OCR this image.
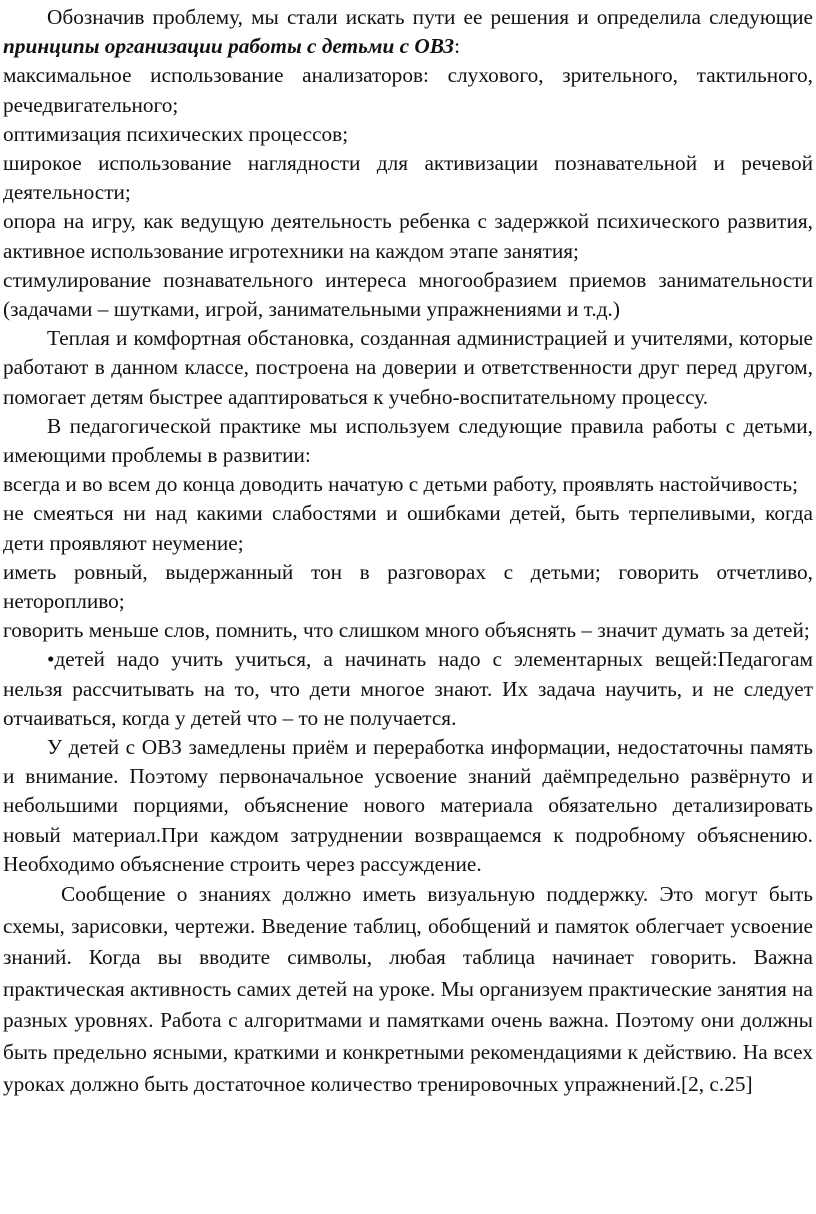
Обозначив проблему, мы стали искать пути ее решения и определила следующие принципы организации работы с детьми с ОВЗ:

максимальное использование анализаторов: слухового, зрительного, тактильного, речедвигательного;

оптимизация психических процессов;

широкое использование наглядности для активизации познавательной и речевой деятельности;

опора на игру, как ведущую деятельность ребенка с задержкой психического развития, активное использование игротехники на каждом этапе занятия;

стимулирование познавательного интереса многообразием приемов занимательности (задачами – шутками, игрой, занимательными упражнениями и т.д.)

Теплая и комфортная обстановка, созданная администрацией и учителями, которые работают в данном классе, построена на доверии и ответственности друг перед другом, помогает детям быстрее адаптироваться к учебно-воспитательному процессу.

В педагогической практике мы используем следующие правила работы с детьми, имеющими проблемы в развитии:

всегда и во всем до конца доводить начатую с детьми работу, проявлять настойчивость;

не смеяться ни над какими слабостями и ошибками детей, быть терпеливыми, когда дети проявляют неумение;

иметь ровный, выдержанный тон в разговорах с детьми; говорить отчетливо, неторопливо;

говорить меньше слов, помнить, что слишком много объяснять – значит думать за детей;

•детей надо учить учиться, а начинать надо с элементарных вещей:Педагогам нельзя рассчитывать на то, что дети многое знают. Их задача научить, и не следует отчаиваться, когда у детей что – то не получается.

У детей с ОВЗ замедлены приём и переработка информации, недостаточны память и внимание. Поэтому первоначальное усвоение знаний даёмпредельно развёрнуто и небольшими порциями, объяснение нового материала обязательно детализировать новый материал.При каждом затруднении возвращаемся к подробному объяснению. Необходимо объяснение строить через рассуждение.

Сообщение о знаниях должно иметь визуальную поддержку. Это могут быть схемы, зарисовки, чертежи. Введение таблиц, обобщений и памяток облегчает усвоение знаний. Когда вы вводите символы, любая таблица начинает говорить. Важна практическая активность самих детей на уроке. Мы организуем практические занятия на разных уровнях. Работа с алгоритмами и памятками очень важна. Поэтому они должны быть предельно ясными, краткими и конкретными рекомендациями к действию. На всех уроках должно быть достаточное количество тренировочных упражнений.[2, с.25]
